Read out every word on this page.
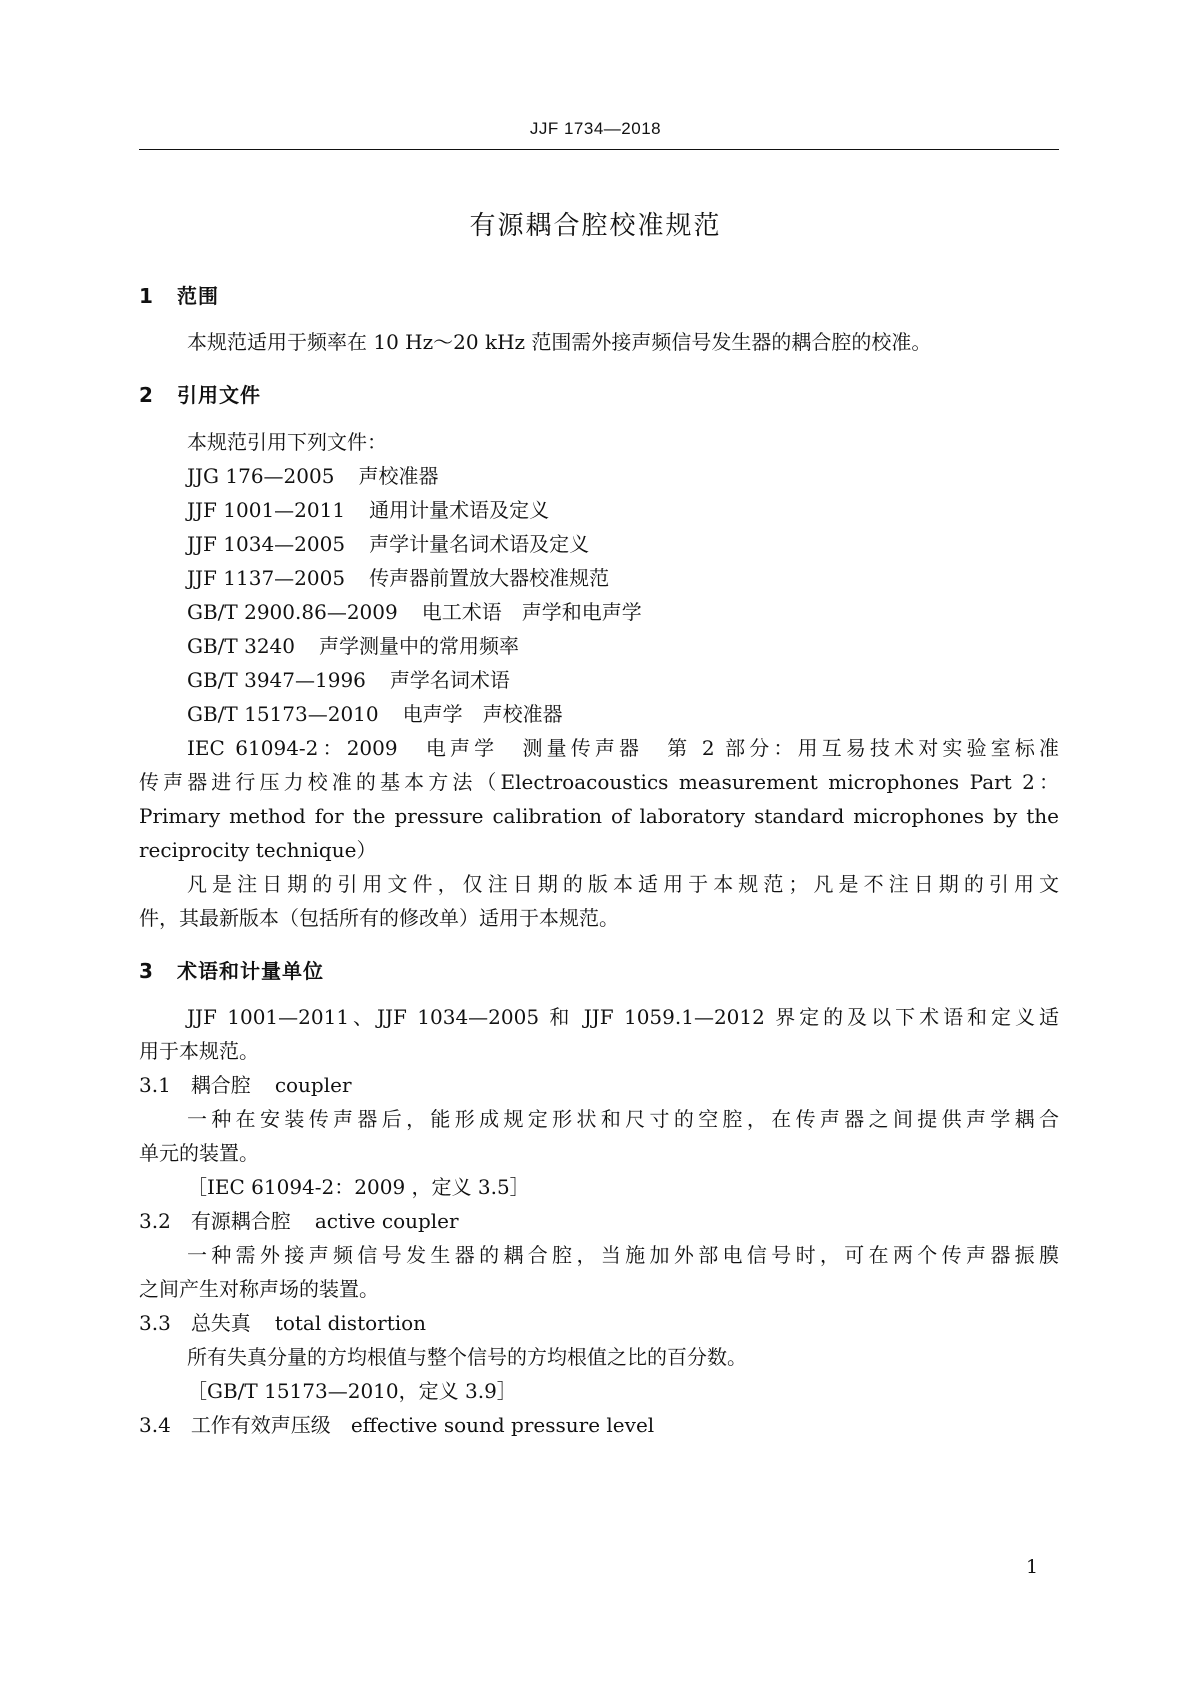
JJF 1734—2018
有源耦合腔校准规范
1 范围
本规范适用于频率在 10 Hz～20 kHz 范围需外接声频信号发生器的耦合腔的校准。
2 引用文件
本规范引用下列文件：
JJG 176—2005 声校准器
JJF 1001—2011 通用计量术语及定义
JJF 1034—2005 声学计量名词术语及定义
JJF 1137—2005 传声器前置放大器校准规范
GB/T 2900.86—2009 电工术语　声学和电声学
GB/T 3240 声学测量中的常用频率
GB/T 3947—1996 声学名词术语
GB/T 15173—2010 电声学　声校准器
IEC 61094-2：2009　电声学　测量传声器　第 2 部分：用互易技术对实验室标准
传声器进行压力校准的基本方法（Electroacoustics measurement microphones Part 2：
Primary method for the pressure calibration of laboratory standard microphones by the
reciprocity technique）
凡是注日期的引用文件，仅注日期的版本适用于本规范；凡是不注日期的引用文
件，其最新版本（包括所有的修改单）适用于本规范。
3 术语和计量单位
JJF 1001—2011、JJF 1034—2005 和 JJF 1059.1—2012 界定的及以下术语和定义适
用于本规范。
3.1　 耦合腔 coupler
一种在安装传声器后，能形成规定形状和尺寸的空腔，在传声器之间提供声学耦合
单元的装置。
［IEC 61094-2：2009 ，定义 3.5］
3.2　 有源耦合腔 active coupler
一种需外接声频信号发生器的耦合腔，当施加外部电信号时，可在两个传声器振膜
之间产生对称声场的装置。
3.3　 总失真 total distortion
所有失真分量的方均根值与整个信号的方均根值之比的百分数。
［GB/T 15173—2010，定义 3.9］
3.4　 工作有效声压级　 effective sound pressure level
1
